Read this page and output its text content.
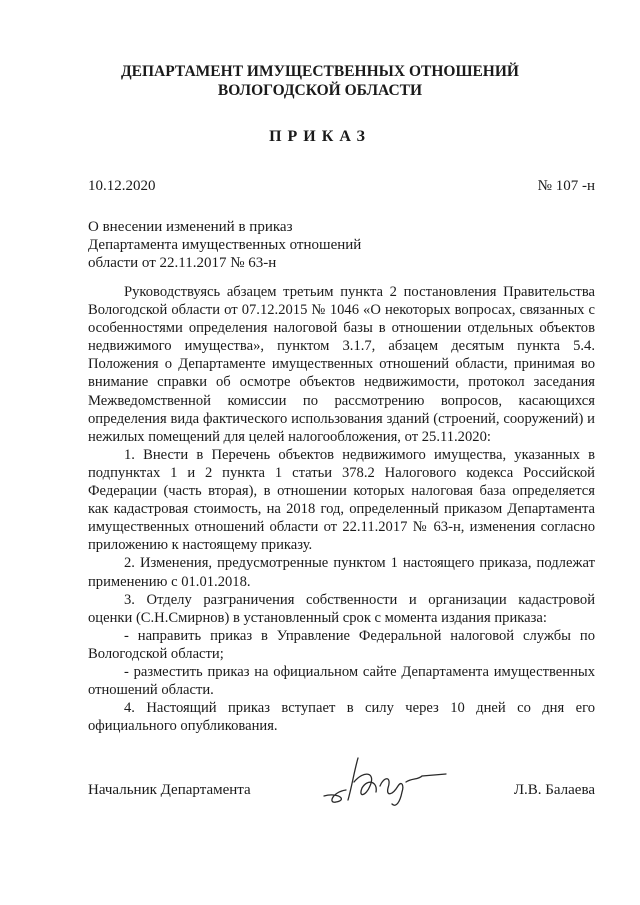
ДЕПАРТАМЕНТ ИМУЩЕСТВЕННЫХ ОТНОШЕНИЙ
ВОЛОГОДСКОЙ ОБЛАСТИ
ПРИКАЗ
10.12.2020	№ 107 -н
О внесении изменений в приказ
Департамента имущественных отношений
области от 22.11.2017 № 63-н

Руководствуясь абзацем третьим пункта 2 постановления Правительства Вологодской области от 07.12.2015 № 1046 «О некоторых вопросах, связанных с особенностями определения налоговой базы в отношении отдельных объектов недвижимого имущества», пунктом 3.1.7, абзацем десятым пункта 5.4. Положения о Департаменте имущественных отношений области, принимая во внимание справки об осмотре объектов недвижимости, протокол заседания Межведомственной комиссии по рассмотрению вопросов, касающихся определения вида фактического использования зданий (строений, сооружений) и нежилых помещений для целей налогообложения, от 25.11.2020:

1. Внести в Перечень объектов недвижимого имущества, указанных в подпунктах 1 и 2 пункта 1 статьи 378.2 Налогового кодекса Российской Федерации (часть вторая), в отношении которых налоговая база определяется как кадастровая стоимость, на 2018 год, определенный приказом Департамента имущественных отношений области от 22.11.2017 № 63-н, изменения согласно приложению к настоящему приказу.

2. Изменения, предусмотренные пунктом 1 настоящего приказа, подлежат применению с 01.01.2018.

3. Отделу разграничения собственности и организации кадастровой оценки (С.Н.Смирнов) в установленный срок с момента издания приказа:

- направить приказ в Управление Федеральной налоговой службы по Вологодской области;

- разместить приказ на официальном сайте Департамента имущественных отношений области.

4. Настоящий приказ вступает в силу через 10 дней со дня его официального опубликования.

Начальник Департамента	Л.В. Балаева
